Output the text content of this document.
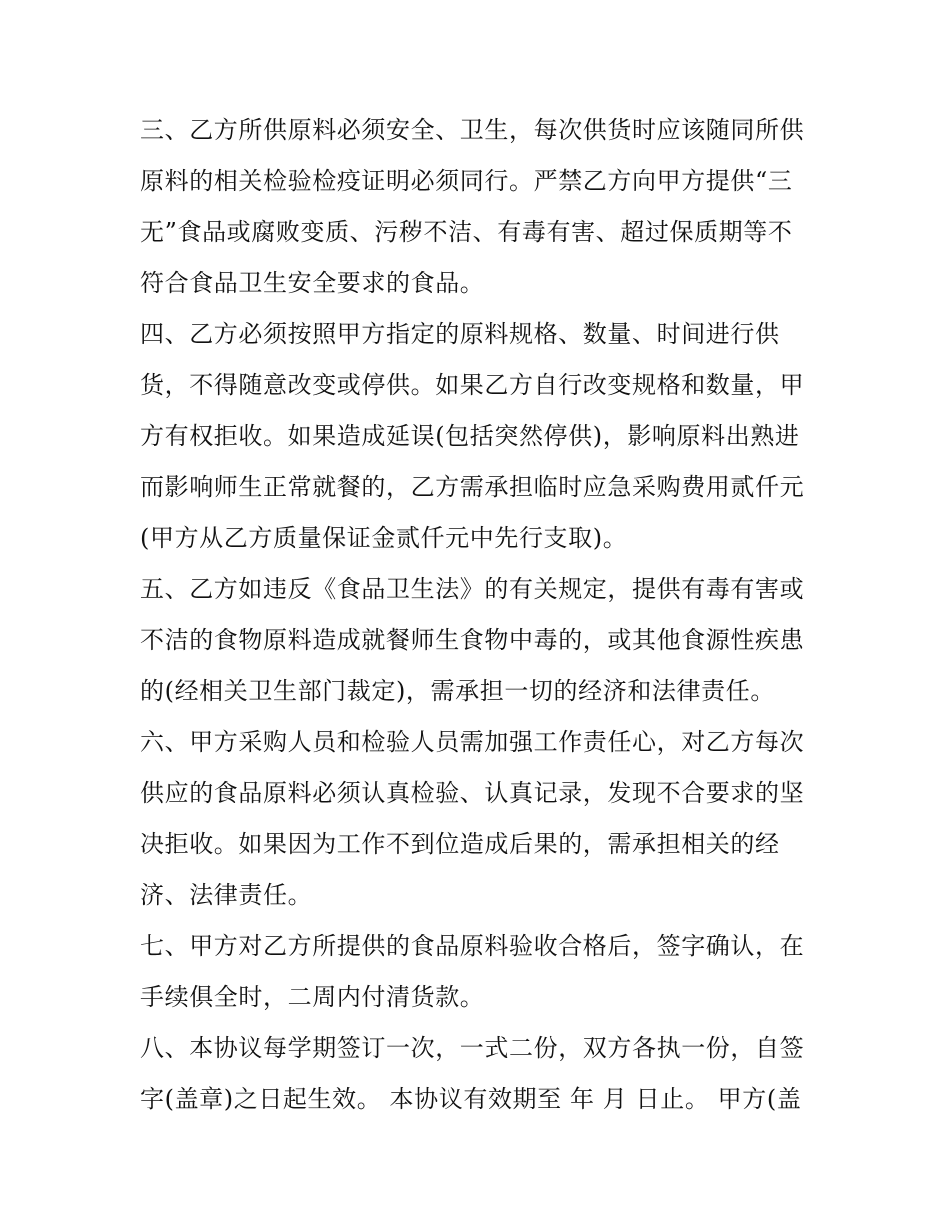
三、乙方所供原料必须安全、卫生，每次供货时应该随同所供
原料的相关检验检疫证明必须同行。严禁乙方向甲方提供“三
无”食品或腐败变质、污秽不洁、有毒有害、超过保质期等不
符合食品卫生安全要求的食品。
四、乙方必须按照甲方指定的原料规格、数量、时间进行供
货，不得随意改变或停供。如果乙方自行改变规格和数量，甲
方有权拒收。如果造成延误(包括突然停供)，影响原料出熟进
而影响师生正常就餐的，乙方需承担临时应急采购费用贰仟元
(甲方从乙方质量保证金贰仟元中先行支取)。
五、乙方如违反《食品卫生法》的有关规定，提供有毒有害或
不洁的食物原料造成就餐师生食物中毒的，或其他食源性疾患
的(经相关卫生部门裁定)，需承担一切的经济和法律责任。
六、甲方采购人员和检验人员需加强工作责任心，对乙方每次
供应的食品原料必须认真检验、认真记录，发现不合要求的坚
决拒收。如果因为工作不到位造成后果的，需承担相关的经
济、法律责任。
七、甲方对乙方所提供的食品原料验收合格后，签字确认，在
手续俱全时，二周内付清货款。
八、本协议每学期签订一次，一式二份，双方各执一份，自签
字(盖章)之日起生效。 本协议有效期至 年 月 日止。 甲方(盖
